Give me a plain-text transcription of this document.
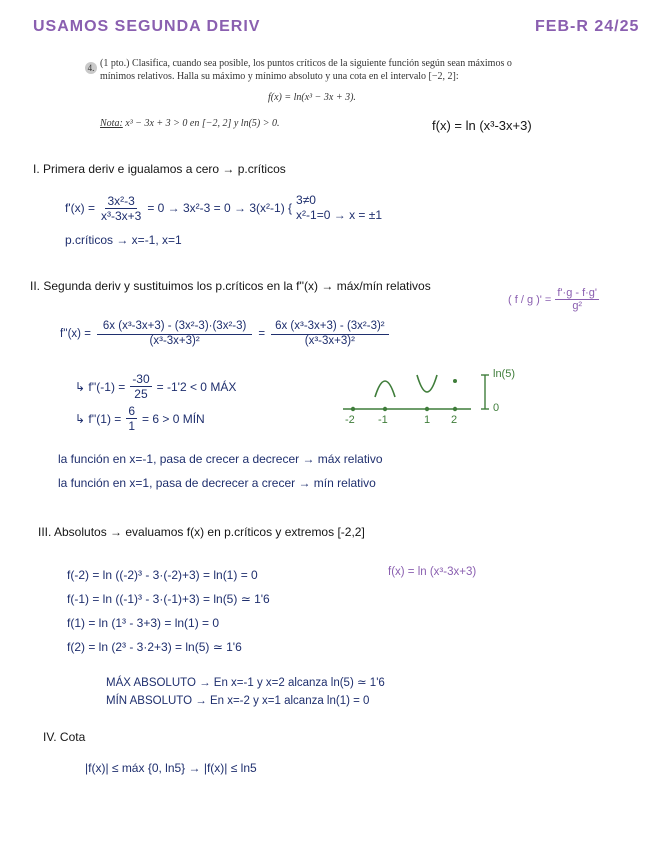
USAMOS SEGUNDA DERIV	FEB-R 24/25
4. (1 pto.) Clasifica, cuando sea posible, los puntos críticos de la siguiente función según sean máximos o
mínimos relativos. Halla su máximo y mínimo absoluto y una cota en el intervalo [−2, 2]:
f(x) = ln(x³ − 3x + 3).
Nota: x³ − 3x + 3 > 0 en [−2, 2] y ln(5) > 0.	f(x) = ln (x³-3x+3)
I. Primera deriv e igualamos a cero → p.críticos
$f'(x) = \frac{\text{3x²-3}}{\text{x³-3x+3}} = 0 \to 3x^2-3 = 0 \to 3(x^2-1)$ {
3≠0
x²-1=0 → x = ±1
p.críticos → x=-1, x=1
II. Segunda deriv y sustituimos los p.críticos en la f''(x) → máx/mín relativos
( f / g )' = $\frac{f'\cdot g - f\cdot g'}{\text{g²}}$
$f''(x) = \frac{\text{6x (x³-3x+3) - (3x²-3)·(3x²-3)}}{\text{(x³-3x+3)²}} = \frac{\text{6x (x³-3x+3) - (3x²-3)²}}{\text{(x³-3x+3)²}}$
↳ $f''(-1) = \frac{-30}{25} = -1'2 < 0$ MÁX
↳ $f''(1) = \frac{6}{1} = 6 > 0$ MÍN	-2 -1	1 2
ln(5)
0
la función en x=-1, pasa de crecer a decrecer → máx relativo
la función en x=1, pasa de decrecer a crecer → mín relativo
III. Absolutos → evaluamos f(x) en p.críticos y extremos [-2,2]
f(x) = ln (x³-3x+3)
f(-2) = ln ((-2)³ - 3·(-2)+3) = ln(1) = 0
f(-1) = ln ((-1)³ - 3·(-1)+3) = ln(5) ≃ 1'6
f(1) = ln (1³ - 3+3) = ln(1) = 0
f(2) = ln (2³ - 3·2+3) = ln(5) ≃ 1'6
MÁX ABSOLUTO → En x=-1 y x=2 alcanza ln(5) ≃ 1'6
MÍN ABSOLUTO → En x=-2 y x=1 alcanza ln(1) = 0
IV. Cota
|f(x)| ≤ máx {0, ln5} → |f(x)| ≤ ln5
